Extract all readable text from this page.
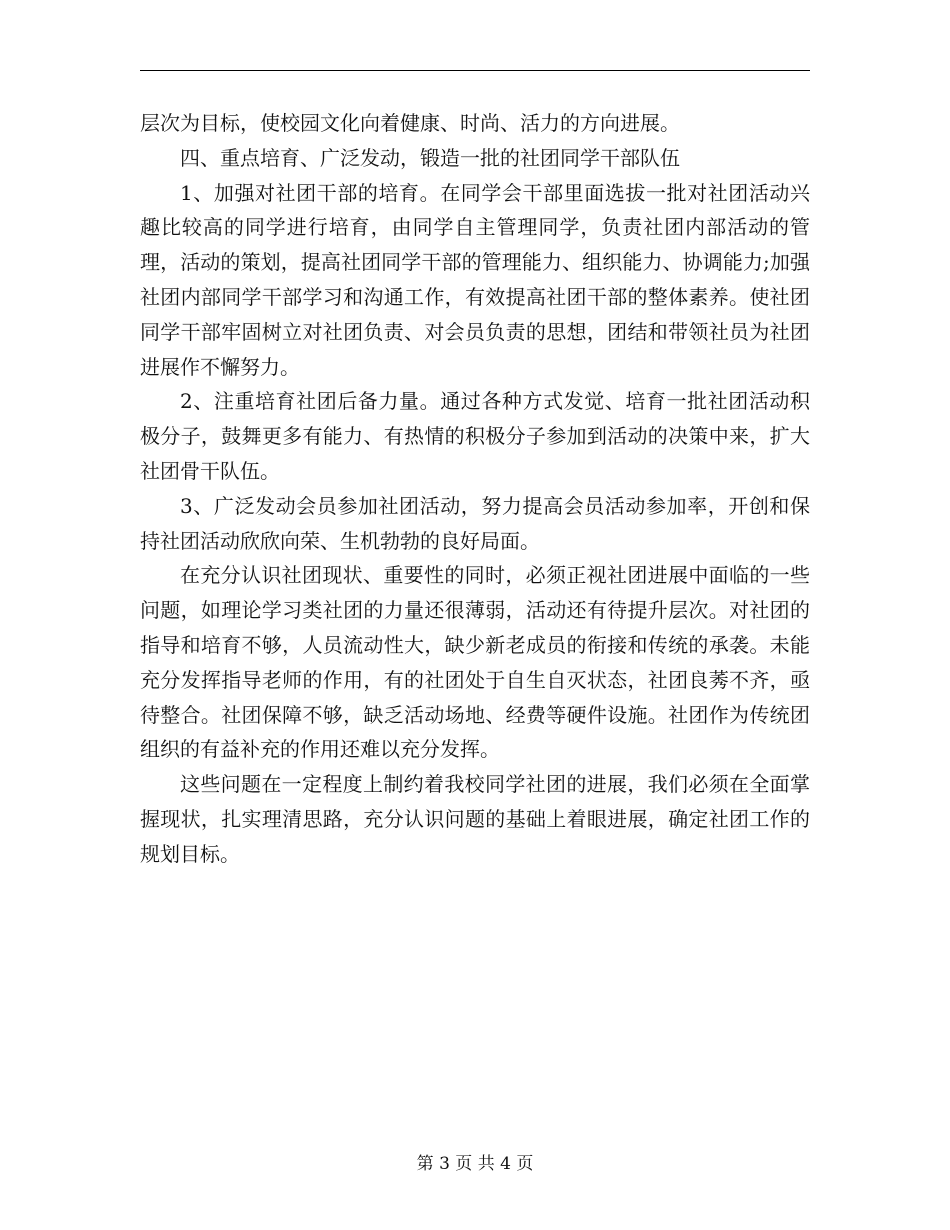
层次为目标，使校园文化向着健康、时尚、活力的方向进展。

四、重点培育、广泛发动，锻造一批的社团同学干部队伍

1、加强对社团干部的培育。在同学会干部里面选拔一批对社团活动兴趣比较高的同学进行培育，由同学自主管理同学，负责社团内部活动的管理，活动的策划，提高社团同学干部的管理能力、组织能力、协调能力;加强社团内部同学干部学习和沟通工作，有效提高社团干部的整体素养。使社团同学干部牢固树立对社团负责、对会员负责的思想，团结和带领社员为社团进展作不懈努力。

2、注重培育社团后备力量。通过各种方式发觉、培育一批社团活动积极分子，鼓舞更多有能力、有热情的积极分子参加到活动的决策中来，扩大社团骨干队伍。

3、广泛发动会员参加社团活动，努力提高会员活动参加率，开创和保持社团活动欣欣向荣、生机勃勃的良好局面。

在充分认识社团现状、重要性的同时，必须正视社团进展中面临的一些问题，如理论学习类社团的力量还很薄弱，活动还有待提升层次。对社团的指导和培育不够，人员流动性大，缺少新老成员的衔接和传统的承袭。未能充分发挥指导老师的作用，有的社团处于自生自灭状态，社团良莠不齐，亟待整合。社团保障不够，缺乏活动场地、经费等硬件设施。社团作为传统团组织的有益补充的作用还难以充分发挥。

这些问题在一定程度上制约着我校同学社团的进展，我们必须在全面掌握现状，扎实理清思路，充分认识问题的基础上着眼进展，确定社团工作的规划目标。

第 3 页 共 4 页
